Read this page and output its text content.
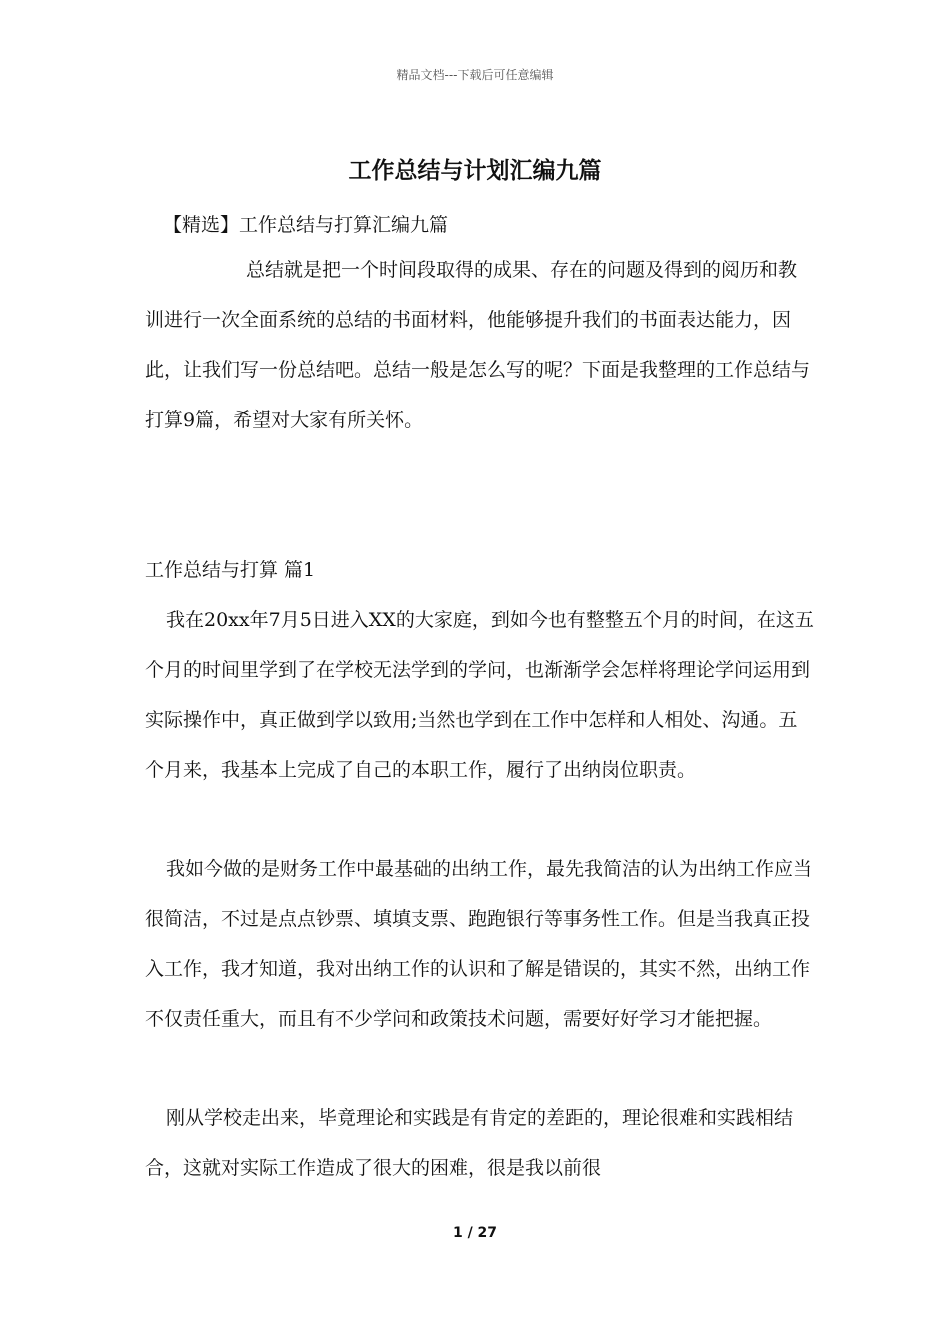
精品文档---下载后可任意编辑
工作总结与计划汇编九篇

【精选】工作总结与打算汇编九篇

总结就是把一个时间段取得的成果、存在的问题及得到的阅历和教训进行一次全面系统的总结的书面材料，他能够提升我们的书面表达能力，因此，让我们写一份总结吧。总结一般是怎么写的呢？下面是我整理的工作总结与打算9篇，希望对大家有所关怀。

工作总结与打算 篇1

我在20xx年7月5日进入XX的大家庭，到如今也有整整五个月的时间，在这五个月的时间里学到了在学校无法学到的学问，也渐渐学会怎样将理论学问运用到实际操作中，真正做到学以致用;当然也学到在工作中怎样和人相处、沟通。五个月来，我基本上完成了自己的本职工作，履行了出纳岗位职责。

我如今做的是财务工作中最基础的出纳工作，最先我简洁的认为出纳工作应当很简洁，不过是点点钞票、填填支票、跑跑银行等事务性工作。但是当我真正投入工作，我才知道，我对出纳工作的认识和了解是错误的，其实不然，出纳工作不仅责任重大，而且有不少学问和政策技术问题，需要好好学习才能把握。

刚从学校走出来，毕竟理论和实践是有肯定的差距的，理论很难和实践相结合，这就对实际工作造成了很大的困难，很是我以前很

1 / 27
